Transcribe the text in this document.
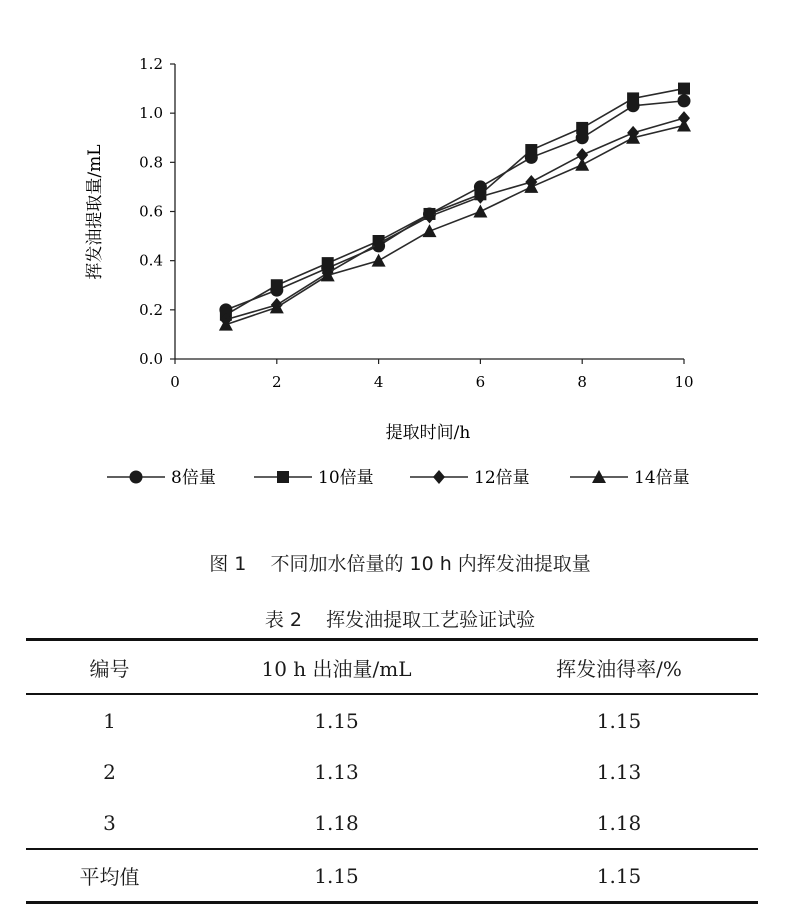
0.0
0.2
0.4
0.6
0.8
1.0
1.2
0	2	4	6	8	10
挥发油提取量/mL
提取时间/h
8倍量	10倍量	12倍量	14倍量
图 1    不同加水倍量的 10 h 内挥发油提取量
表 2    挥发油提取工艺验证试验
编号	10 h 出油量/mL	挥发油得率/%
1	1.15	1.15
2	1.13	1.13
3	1.18	1.18
平均值	1.15	1.15
